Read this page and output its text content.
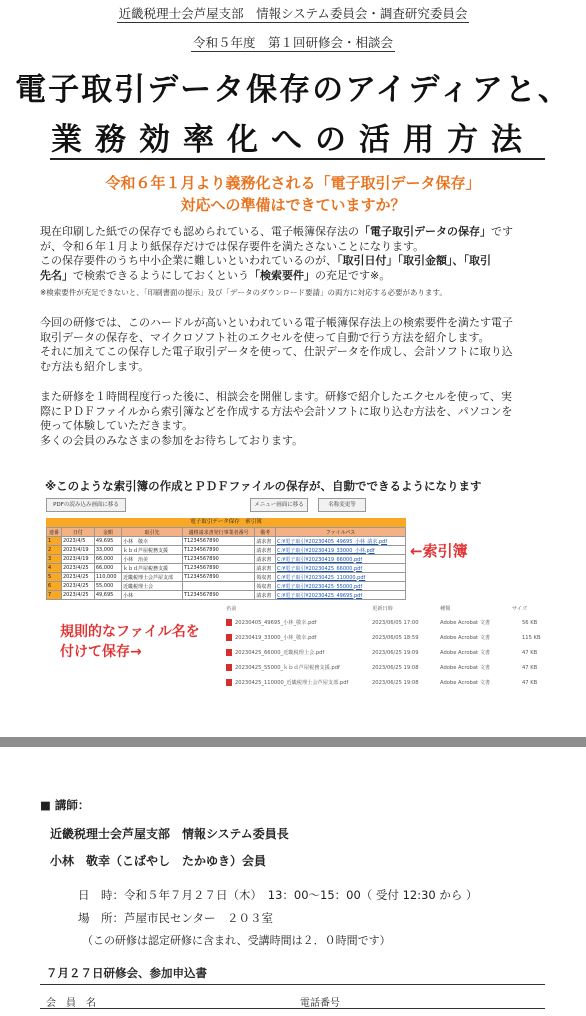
近畿税理士会芦屋支部　情報システム委員会・調査研究委員会
令和５年度　第１回研修会・相談会
電子取引データ保存のアイディアと、
業務効率化への活用方法
令和６年１月より義務化される「電子取引データ保存」
対応への準備はできていますか？
現在印刷した紙での保存でも認められている、電子帳簿保存法の「電子取引データの保存」です
が、令和６年１月より紙保存だけでは保存要件を満たさないことになります。
この保存要件のうち中小企業に難しいといわれているのが、「取引日付」「取引金額」、「取引
先名」で検索できるようにしておくという「検索要件」の充足です※。
※検索要件が充足できないと、「印刷書面の提示」及び「データのダウンロード要請」の両方に対応する必要があります。
今回の研修では、このハードルが高いといわれている電子帳簿保存法上の検索要件を満たす電子
取引データの保存を、マイクロソフト社のエクセルを使って自動で行う方法を紹介します。
それに加えてこの保存した電子取引データを使って、仕訳データを作成し、会計ソフトに取り込
む方法も紹介します。
また研修を１時間程度行った後に、相談会を開催します。研修で紹介したエクセルを使って、実
際にＰＤＦファイルから索引簿などを作成する方法や会計ソフトに取り込む方法を、パソコンを
使って体験していただきます。
多くの会員のみなさまの参加をお待ちしております。
※このような索引簿の作成とＰＤＦファイルの保存が、自動でできるようになります
PDFの読み込み画面に移る	メニュー画面に移る	名称変更等
電子取引データ保存　索引簿
連番	日付	金額	取引先	適格請求書発行事業者番号	備考	ファイルパス
1	2023/4/5	49,695	小林　敬幸	T1234567890	請求書	C:¥電子取引¥20230405_49695_小林_請求.pdf
2	2023/4/19	33,000	ｋｂｄ芦屋税務支援	T1234567890	請求書	C:¥電子取引¥20230419_33000_小林.pdf
3	2023/4/19	66,000	小林　治美	T1234567890	請求書	C:¥電子取引¥20230419_66000.pdf
4	2023/4/25	66,000	ｋｂｄ芦屋税務支援	T1234567890	請求書	C:¥電子取引¥20230425_66000.pdf
5	2023/4/25	110,000	近畿税理士会芦屋支部	T1234567890	領収書	C:¥電子取引¥20230425_110000.pdf
6	2023/4/25	55,000	近畿税理士会		領収書	C:¥電子取引¥20230425_55000.pdf
7	2023/4/25	49,695	小林	T1234567890	請求書	C:¥電子取引¥20230425_49695.pdf
←索引簿
規則的なファイル名を
付けて保存→
名前	更新日時	種類	サイズ
20230405_49695_小林_敬幸.pdf	2023/06/05 17:00	Adobe Acrobat 文書	56 KB
20230419_33000_小林_敬幸.pdf	2023/06/05 18:59	Adobe Acrobat 文書	115 KB
20230425_66000_近畿税理士会.pdf	2023/06/25 19:09	Adobe Acrobat 文書	47 KB
20230425_55000_ｋｂｄ芦屋税務支援.pdf	2023/06/25 19:08	Adobe Acrobat 文書	47 KB
20230425_110000_近畿税理士会芦屋支部.pdf	2023/06/25 19:08	Adobe Acrobat 文書	47 KB
■ 講師：
近畿税理士会芦屋支部　情報システム委員長
小林　敬幸（こばやし　たかゆき）会員
日　時：令和５年７月２７日（木）　13：00〜15：00（ 受付 12:30 から ）
場　所：芦屋市民センター　２０３室
（この研修は認定研修に含まれ、受講時間は２．０時間です）
７月２７日研修会、参加申込書
会　員　名	電話番号
